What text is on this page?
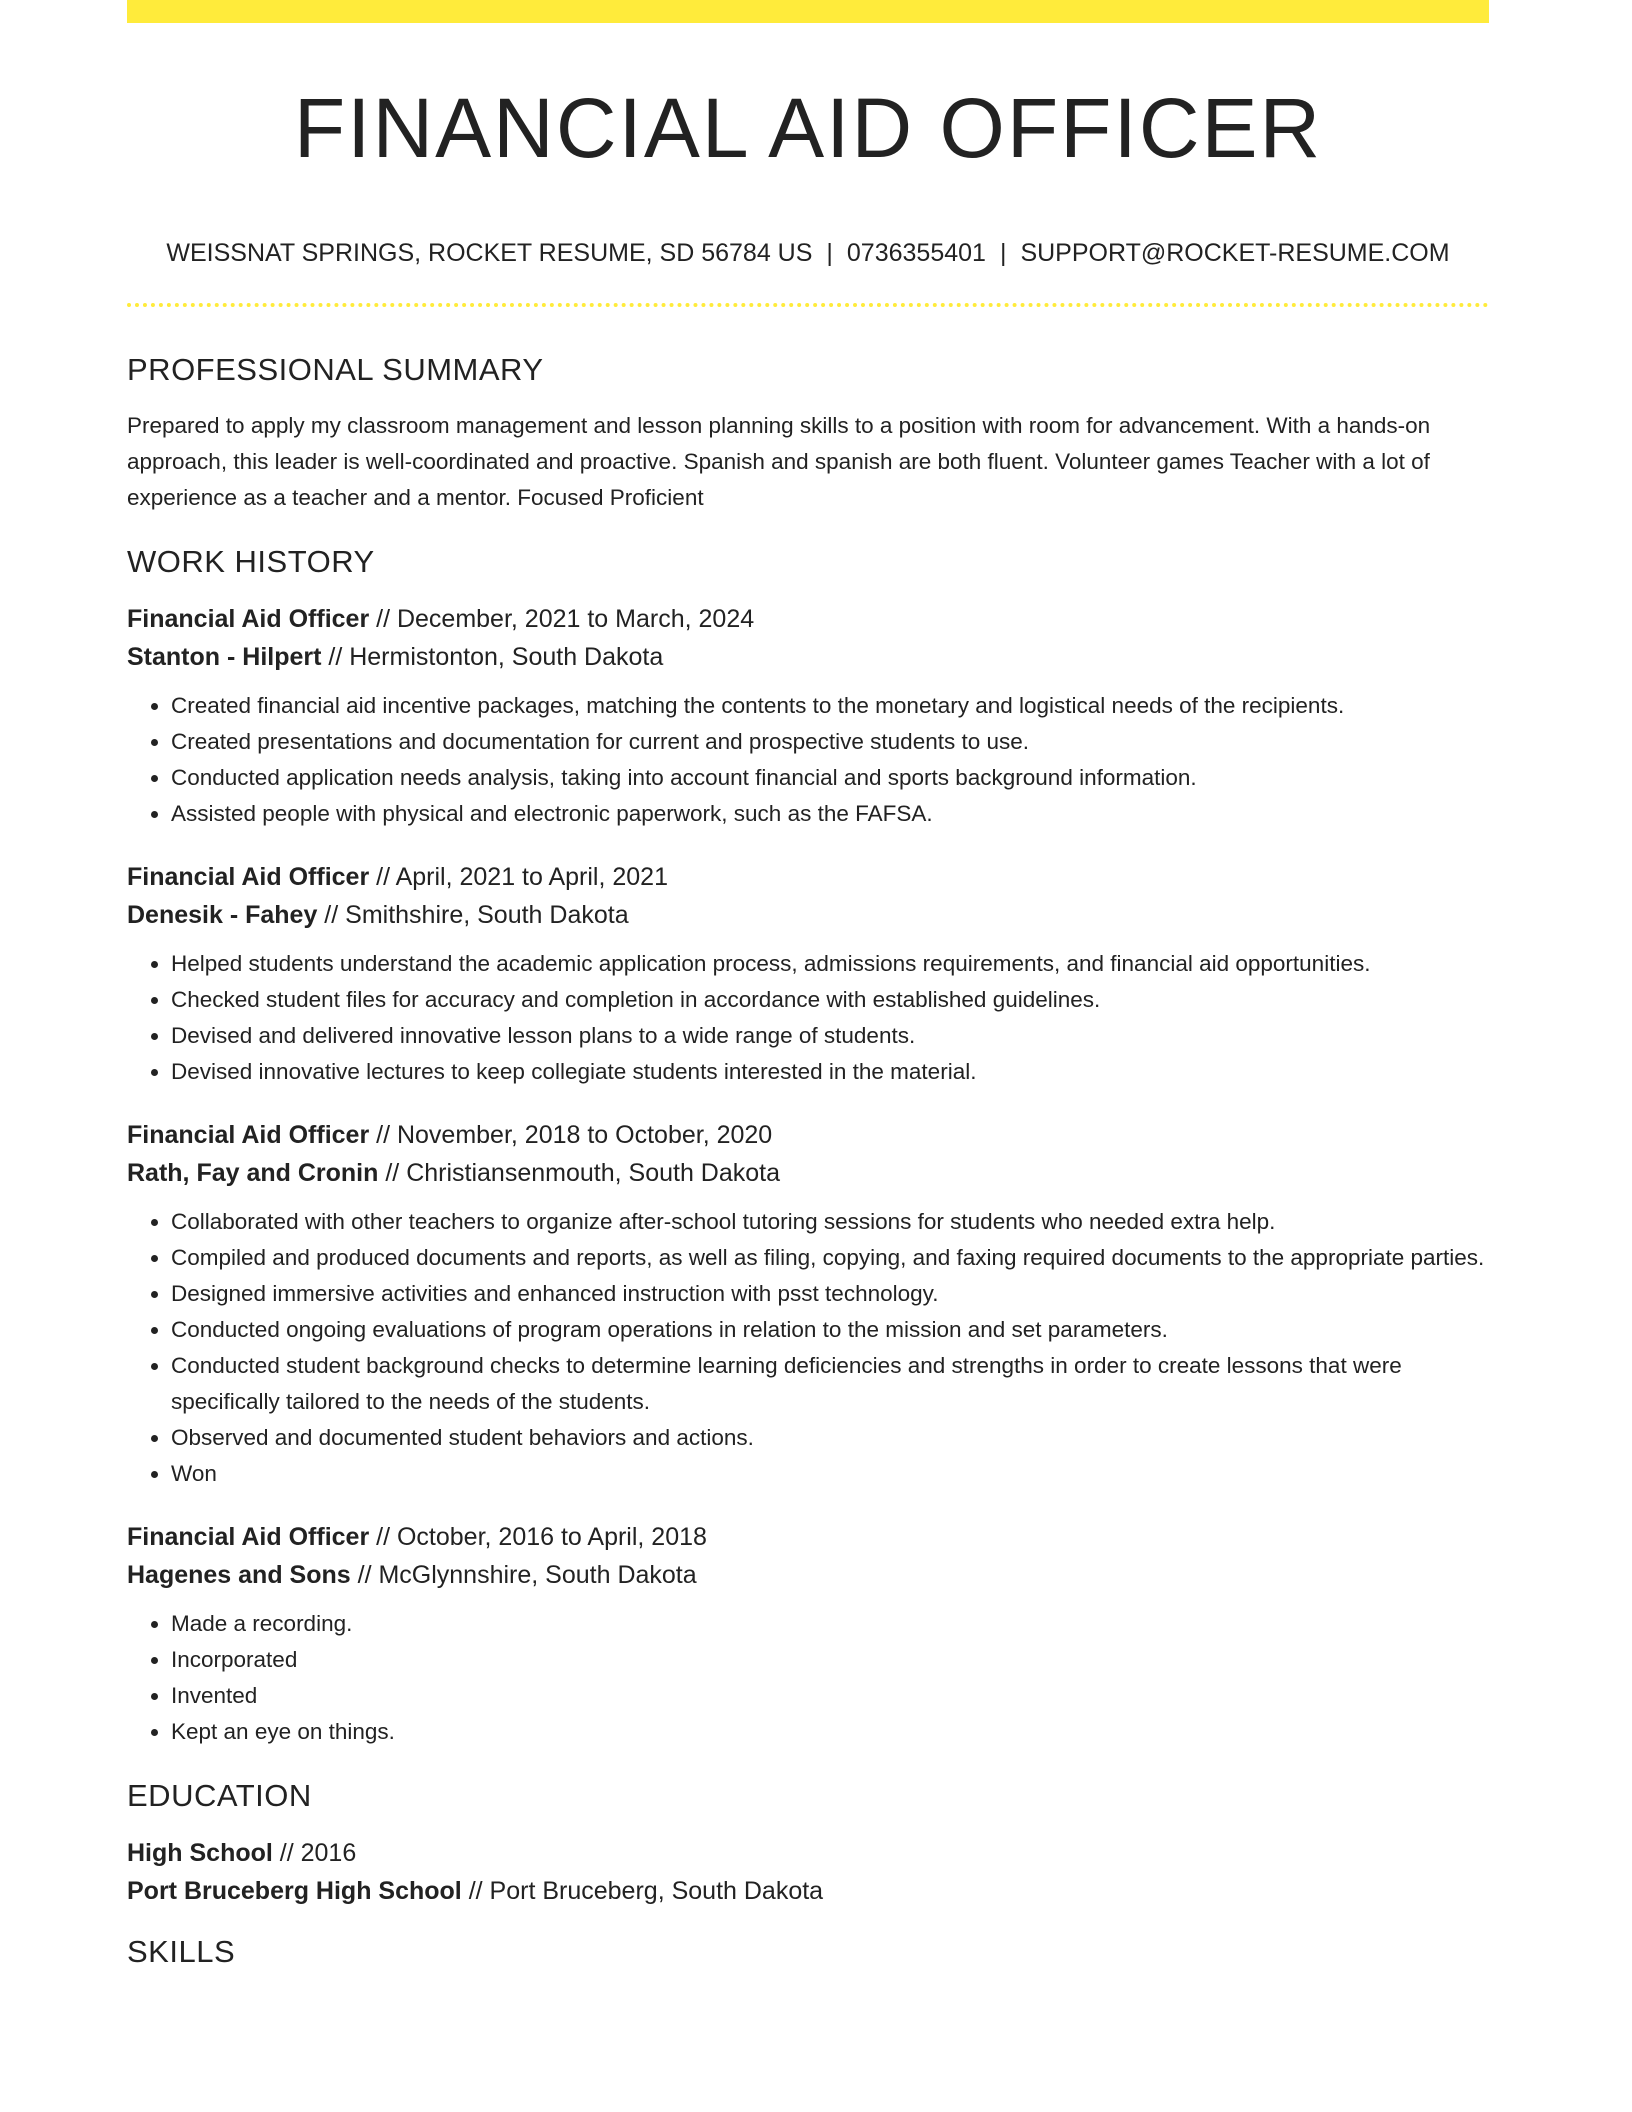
FINANCIAL AID OFFICER
WEISSNAT SPRINGS, ROCKET RESUME, SD 56784 US | 0736355401 | SUPPORT@ROCKET-RESUME.COM
PROFESSIONAL SUMMARY

Prepared to apply my classroom management and lesson planning skills to a position with room for advancement. With a hands-on approach, this leader is well-coordinated and proactive. Spanish and spanish are both fluent. Volunteer games Teacher with a lot of experience as a teacher and a mentor. Focused Proficient

WORK HISTORY
Financial Aid Officer // December, 2021 to March, 2024
Stanton - Hilpert // Hermistonton, South Dakota
• Created financial aid incentive packages, matching the contents to the monetary and logistical needs of the recipients.
• Created presentations and documentation for current and prospective students to use.
• Conducted application needs analysis, taking into account financial and sports background information.
• Assisted people with physical and electronic paperwork, such as the FAFSA.
Financial Aid Officer // April, 2021 to April, 2021
Denesik - Fahey // Smithshire, South Dakota
• Helped students understand the academic application process, admissions requirements, and financial aid opportunities.
• Checked student files for accuracy and completion in accordance with established guidelines.
• Devised and delivered innovative lesson plans to a wide range of students.
• Devised innovative lectures to keep collegiate students interested in the material.
Financial Aid Officer // November, 2018 to October, 2020
Rath, Fay and Cronin // Christiansenmouth, South Dakota
• Collaborated with other teachers to organize after-school tutoring sessions for students who needed extra help.
• Compiled and produced documents and reports, as well as filing, copying, and faxing required documents to the appropriate parties.
• Designed immersive activities and enhanced instruction with psst technology.
• Conducted ongoing evaluations of program operations in relation to the mission and set parameters.
• Conducted student background checks to determine learning deficiencies and strengths in order to create lessons that were specifically tailored to the needs of the students.
• Observed and documented student behaviors and actions.
• Won
Financial Aid Officer // October, 2016 to April, 2018
Hagenes and Sons // McGlynnshire, South Dakota
• Made a recording.
• Incorporated
• Invented
• Kept an eye on things.
EDUCATION
High School // 2016
Port Bruceberg High School // Port Bruceberg, South Dakota
SKILLS
